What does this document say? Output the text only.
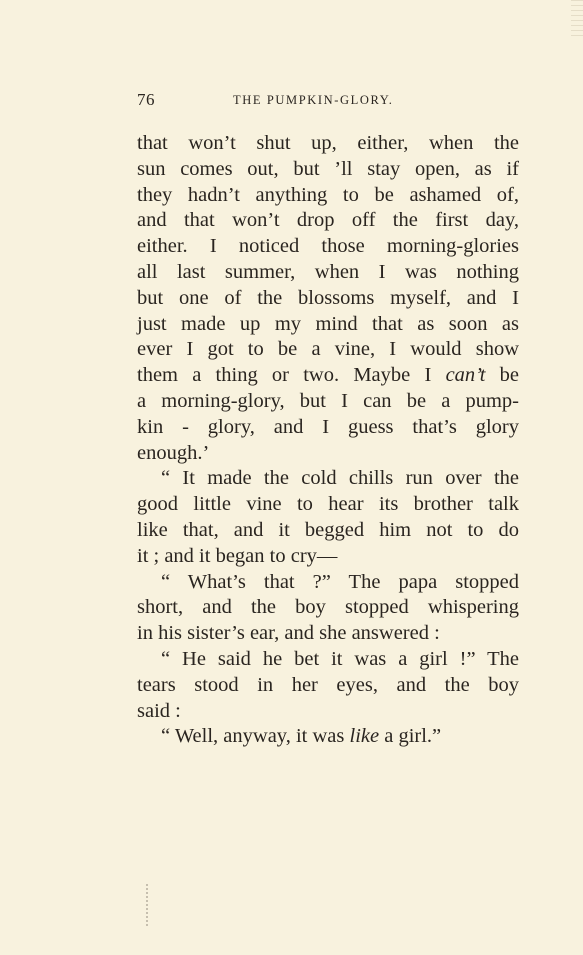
76	THE PUMPKIN-GLORY.
that won’t shut up, either, when the
sun comes out, but ’ll stay open, as if
they hadn’t anything to be ashamed of,
and that won’t drop off the first day,
either. I noticed those morning-glories
all last summer, when I was nothing
but one of the blossoms myself, and I
just made up my mind that as soon as
ever I got to be a vine, I would show
them a thing or two. Maybe I can’t be
a morning-glory, but I can be a pump-
kin - glory, and I guess that’s glory
enough.’
“ It made the cold chills run over the
good little vine to hear its brother talk
like that, and it begged him not to do
it ; and it began to cry—
“ What’s that ?” The papa stopped
short, and the boy stopped whispering
in his sister’s ear, and she answered :
“ He said he bet it was a girl !” The
tears stood in her eyes, and the boy
said :
“ Well, anyway, it was like a girl.”
